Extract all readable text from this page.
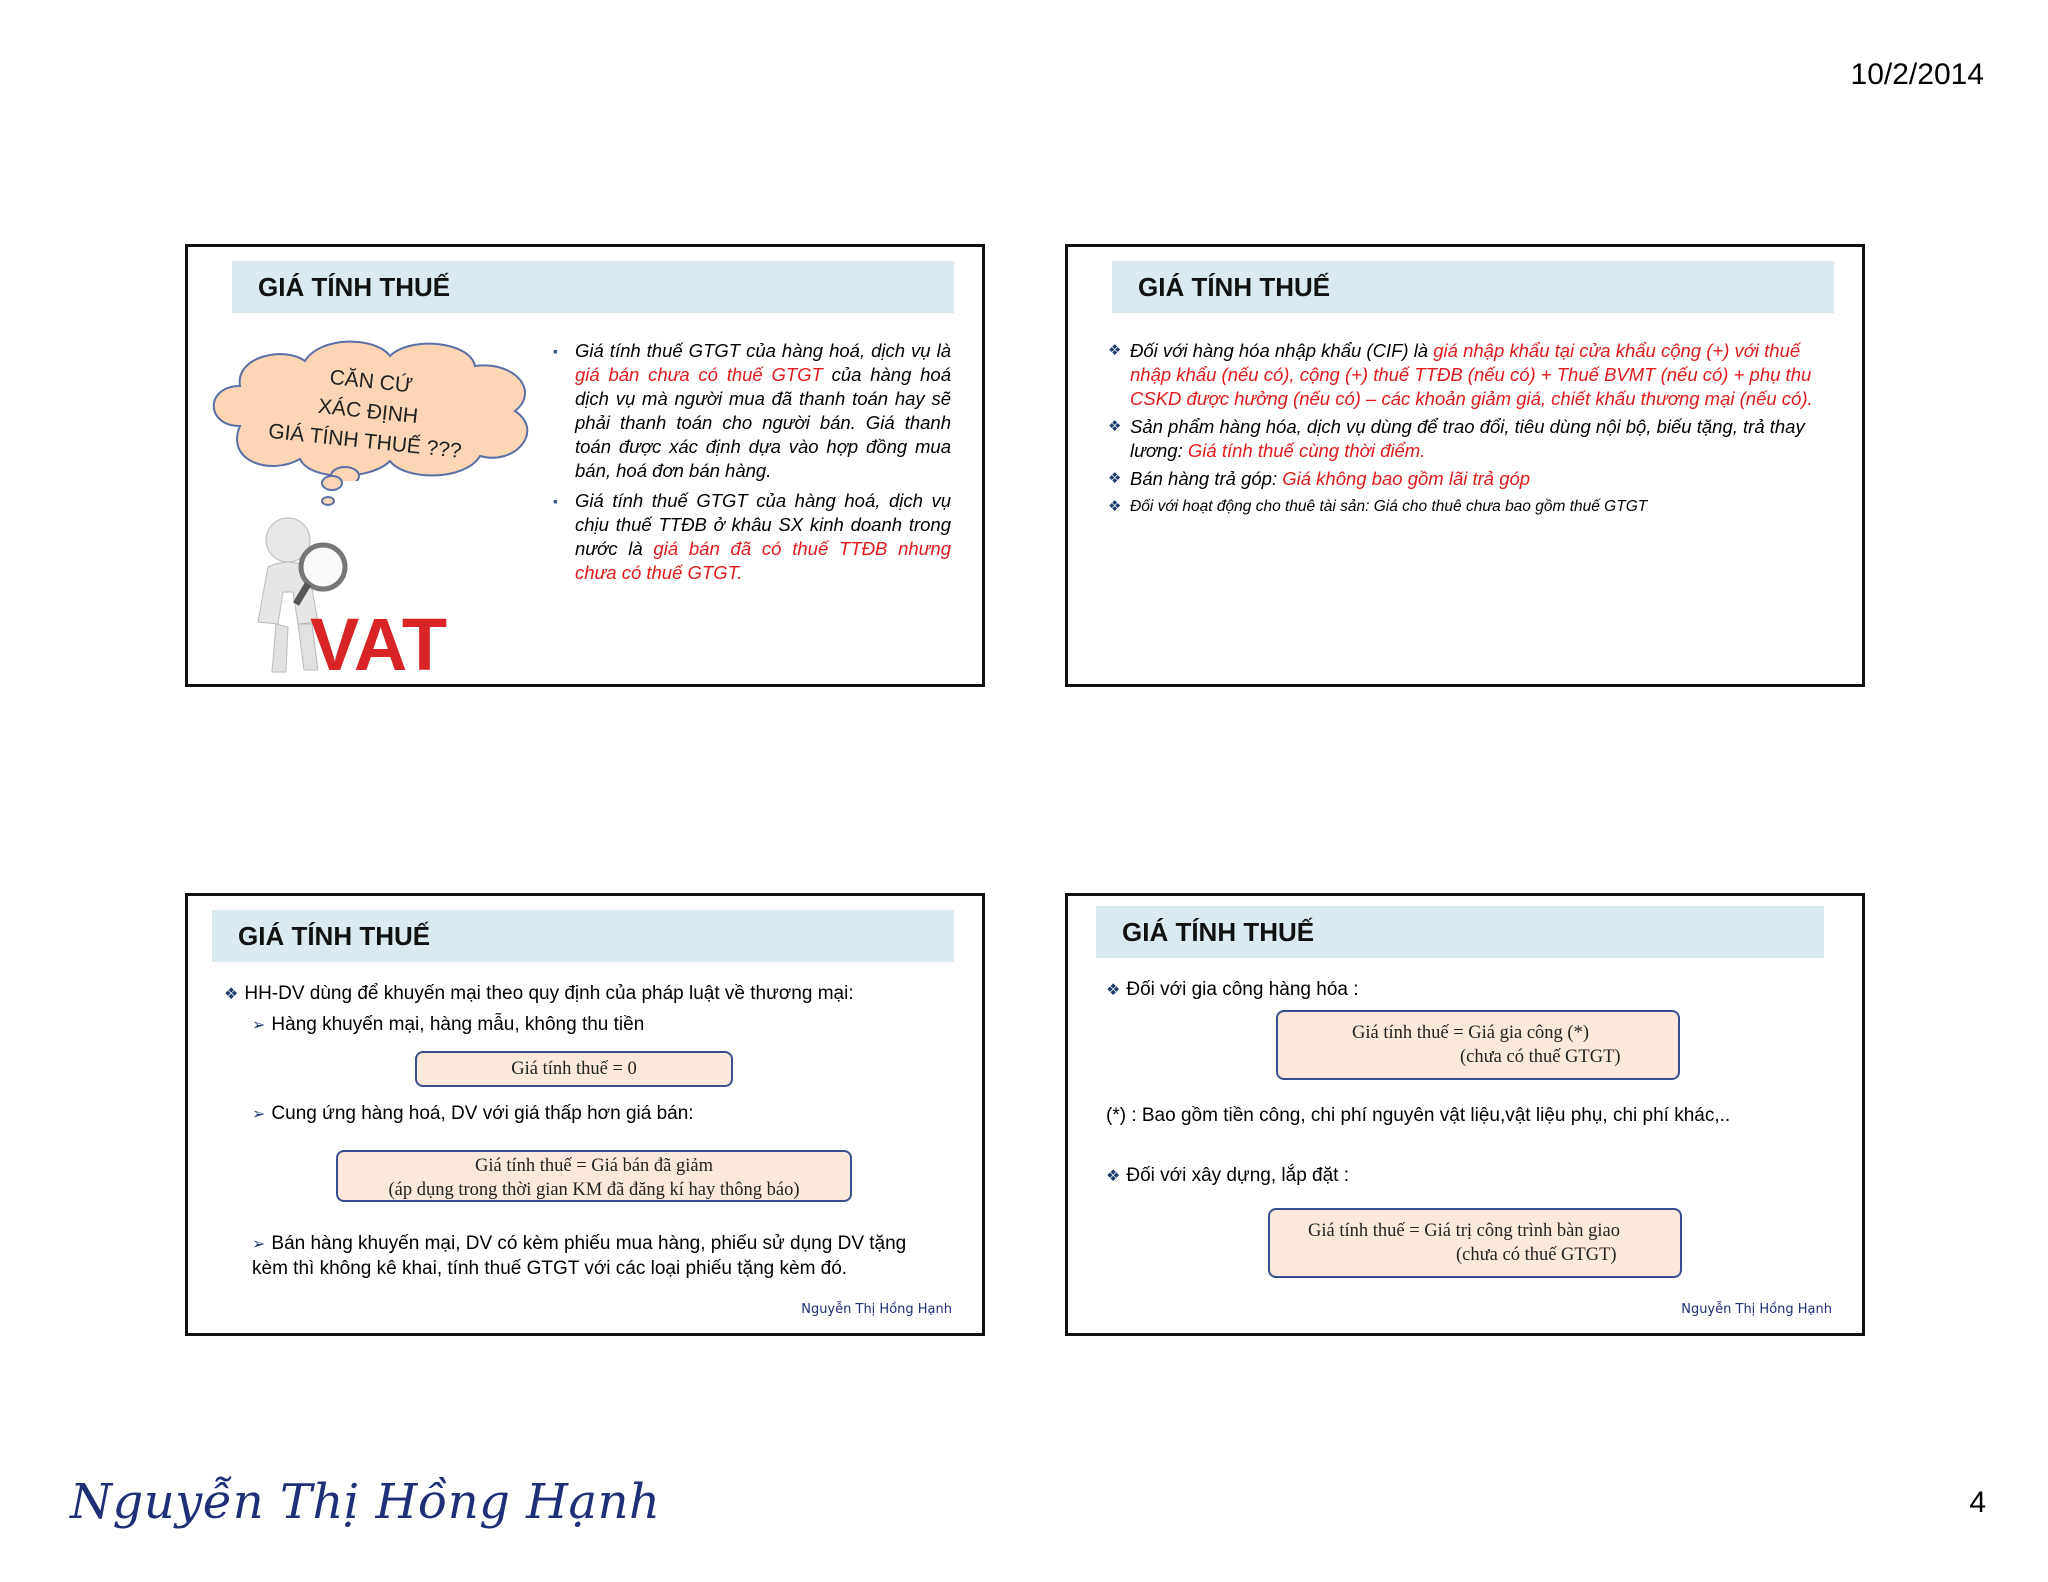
10/2/2014
GIÁ TÍNH THUẾ
CĂN CỨ
XÁC ĐỊNH
GIÁ TÍNH THUẾ ???
VAT
▪ Giá tính thuế GTGT của hàng hoá, dịch vụ là giá bán chưa có thuế GTGT của hàng hoá dịch vụ mà người mua đã thanh toán hay sẽ phải thanh toán cho người bán. Giá thanh toán được xác định dựa vào hợp đồng mua bán, hoá đơn bán hàng.
▪ Giá tính thuế GTGT của hàng hoá, dịch vụ chịu thuế TTĐB ở khâu SX kinh doanh trong nước là giá bán đã có thuế TTĐB nhưng chưa có thuế GTGT.
GIÁ TÍNH THUẾ
❖ Đối với hàng hóa nhập khẩu (CIF) là giá nhập khẩu tại cửa khẩu cộng (+) với thuế nhập khẩu (nếu có), cộng (+) thuế TTĐB (nếu có) + Thuế BVMT (nếu có) + phụ thu CSKD được hưởng (nếu có) – các khoản giảm giá, chiết khấu thương mại (nếu có).
❖ Sản phẩm hàng hóa, dịch vụ dùng để trao đổi, tiêu dùng nội bộ, biếu tặng, trả thay lương: Giá tính thuế cùng thời điểm.
❖ Bán hàng trả góp: Giá không bao gồm lãi trả góp
❖ Đối với hoạt động cho thuê tài sản: Giá cho thuê chưa bao gồm thuế GTGT
GIÁ TÍNH THUẾ
❖ HH-DV dùng để khuyến mại theo quy định của pháp luật về thương mại:
➢ Hàng khuyến mại, hàng mẫu, không thu tiền
Giá tính thuế = 0
➢ Cung ứng hàng hoá, DV với giá thấp hơn giá bán:
Giá tính thuế = Giá bán đã giảm
(áp dụng trong thời gian KM đã đăng kí hay thông báo)
➢ Bán hàng khuyến mại, DV có kèm phiếu mua hàng, phiếu sử dụng DV tặng
kèm thì không kê khai, tính thuế GTGT với các loại phiếu tặng kèm đó.
Nguyễn Thị Hồng Hạnh
GIÁ TÍNH THUẾ
❖ Đối với gia công hàng hóa :
Giá tính thuế = Giá gia công (*)
(chưa có thuế GTGT)
(*) : Bao gồm tiền công, chi phí nguyên vật liệu,vật liệu phụ, chi phí khác,..
❖ Đối với xây dựng, lắp đặt :
Giá tính thuế = Giá trị công trình bàn giao
(chưa có thuế GTGT)
Nguyễn Thị Hồng Hạnh
Nguyễn Thị Hồng Hạnh	4
